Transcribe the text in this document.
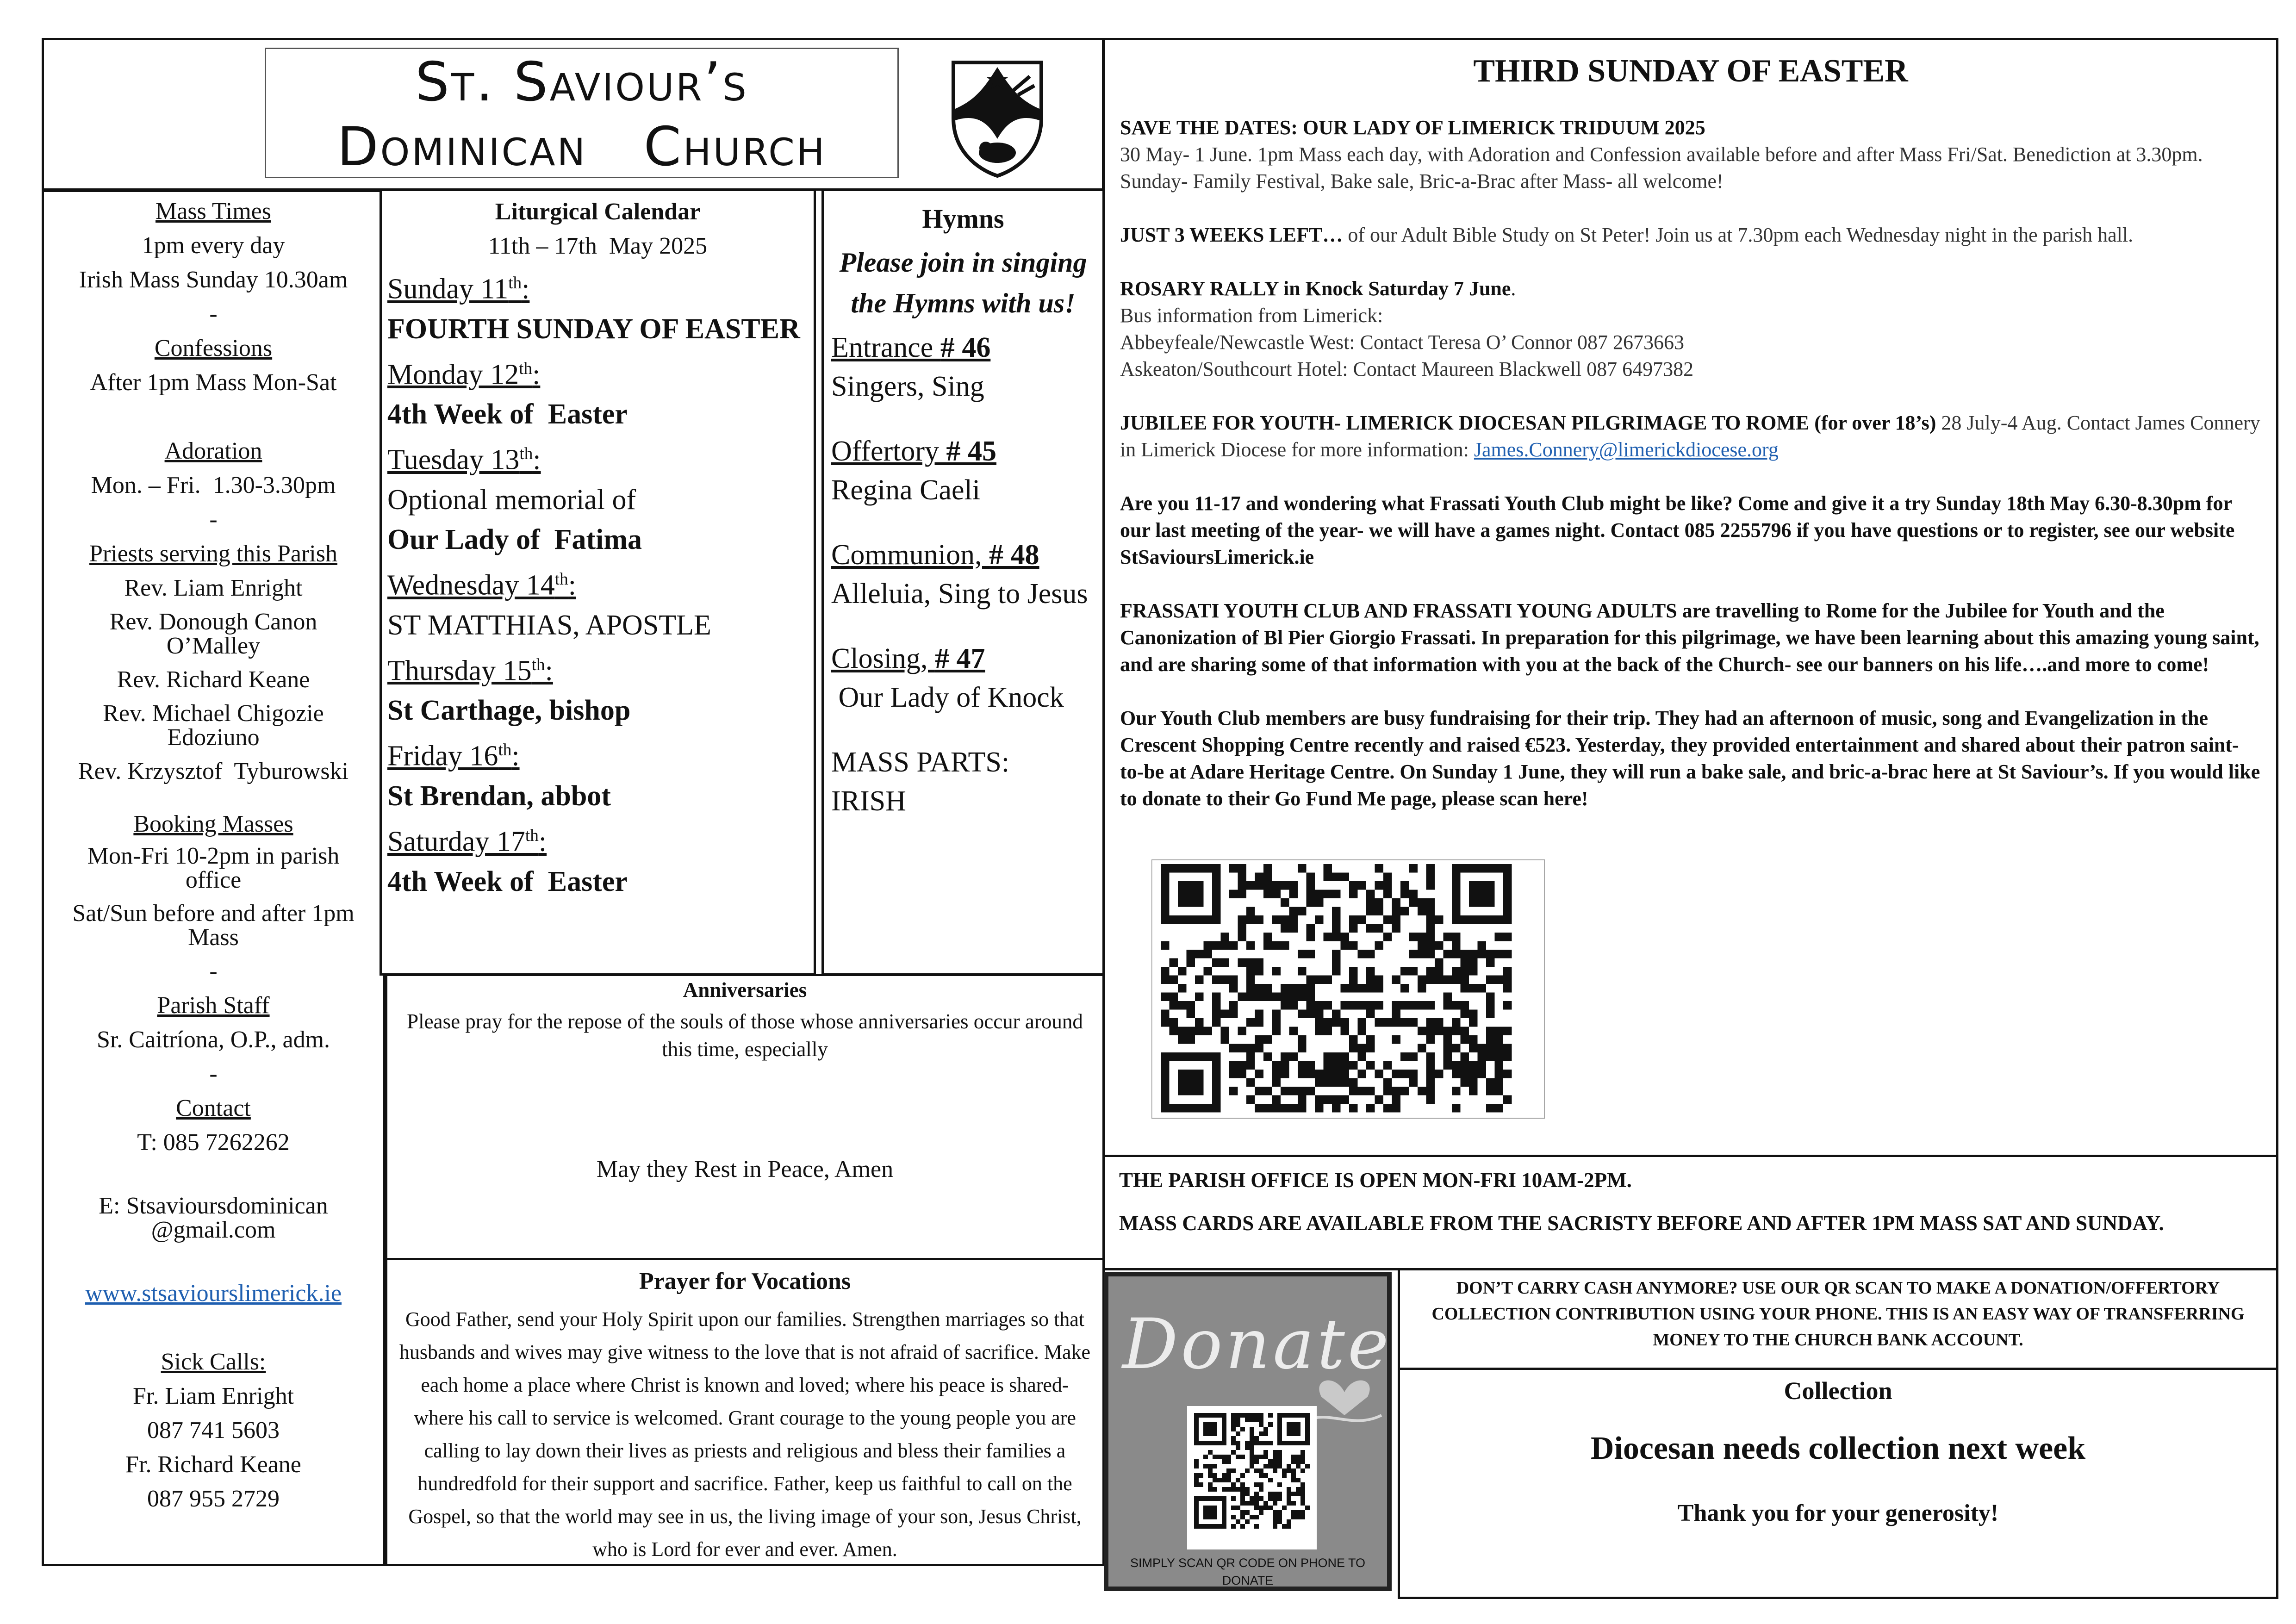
St. Saviour’s
Dominican   Church
Mass Times
1pm every day
Irish Mass Sunday 10.30am
-
Confessions
After 1pm Mass Mon-Sat
Adoration
Mon. – Fri.  1.30-3.30pm
-
Priests serving this Parish
Rev. Liam Enright
Rev. Donough Canon
O’Malley
Rev. Richard Keane
Rev. Michael Chigozie
Edoziuno
Rev. Krzysztof  Tyburowski
Booking Masses
Mon-Fri 10-2pm in parish
office
Sat/Sun before and after 1pm
Mass
-
Parish Staff
Sr. Caitríona, O.P., adm.
-
Contact
T: 085 7262262
E: Stsavioursdominican
@gmail.com
www.stsaviourslimerick.ie
Sick Calls:
Fr. Liam Enright
087 741 5603
Fr. Richard Keane
087 955 2729
Liturgical Calendar
11th – 17th  May 2025
Sunday 11th:
FOURTH SUNDAY OF EASTER
Monday 12th:
4th Week of  Easter
Tuesday 13th:
Optional memorial of Our Lady of  Fatima
Wednesday 14th:
ST MATTHIAS, APOSTLE
Thursday 15th:
St Carthage, bishop
Friday 16th:
St Brendan, abbot
Saturday 17th:
4th Week of  Easter
Hymns
Please join in singing the Hymns with us!
Entrance # 46
Singers, Sing
Offertory # 45
Regina Caeli
Communion, # 48
Alleluia, Sing to Jesus
Closing, # 47
Our Lady of Knock
MASS PARTS:
IRISH
Anniversaries
Please pray for the repose of the souls of those whose anniversaries occur around this time, especially
May they Rest in Peace, Amen
Prayer for Vocations
Good Father, send your Holy Spirit upon our families. Strengthen marriages so that husbands and wives may give witness to the love that is not afraid of sacrifice. Make each home a place where Christ is known and loved; where his peace is shared- where his call to service is welcomed. Grant courage to the young people you are calling to lay down their lives as priests and religious and bless their families a hundredfold for their support and sacrifice. Father, keep us faithful to call on the Gospel, so that the world may see in us, the living image of your son, Jesus Christ, who is Lord for ever and ever. Amen.
THIRD SUNDAY OF EASTER

SAVE THE DATES: OUR LADY OF LIMERICK TRIDUUM 2025
30 May- 1 June. 1pm Mass each day, with Adoration and Confession available before and after Mass Fri/Sat. Benediction at 3.30pm. Sunday- Family Festival, Bake sale, Bric-a-Brac after Mass- all welcome!

JUST 3 WEEKS LEFT… of our Adult Bible Study on St Peter! Join us at 7.30pm each Wednesday night in the parish hall.

ROSARY RALLY in Knock Saturday 7 June.
Bus information from Limerick:
Abbeyfeale/Newcastle West: Contact Teresa O’ Connor 087 2673663
Askeaton/Southcourt Hotel: Contact Maureen Blackwell 087 6497382

JUBILEE FOR YOUTH- LIMERICK DIOCESAN PILGRIMAGE TO ROME (for over 18’s) 28 July-4 Aug. Contact James Connery in Limerick Diocese for more information: James.Connery@limerickdiocese.org

Are you 11-17 and wondering what Frassati Youth Club might be like? Come and give it a try Sunday 18th May 6.30-8.30pm for our last meeting of the year- we will have a games night. Contact 085 2255796 if you have questions or to register, see our website StSavioursLimerick.ie

FRASSATI YOUTH CLUB AND FRASSATI YOUNG ADULTS are travelling to Rome for the Jubilee for Youth and the Canonization of Bl Pier Giorgio Frassati. In preparation for this pilgrimage, we have been learning about this amazing young saint, and are sharing some of that information with you at the back of the Church- see our banners on his life….and more to come!

Our Youth Club members are busy fundraising for their trip. They had an afternoon of music, song and Evangelization in the Crescent Shopping Centre recently and raised €523. Yesterday, they provided entertainment and shared about their patron saint-to-be at Adare Heritage Centre. On Sunday 1 June, they will run a bake sale, and bric-a-brac here at St Saviour’s. If you would like to donate to their Go Fund Me page, please scan here!

THE PARISH OFFICE IS OPEN MON-FRI 10AM-2PM.
MASS CARDS ARE AVAILABLE FROM THE SACRISTY BEFORE AND AFTER 1PM MASS SAT AND SUNDAY.
Donate
SIMPLY SCAN QR CODE ON PHONE TO DONATE
DON’T CARRY CASH ANYMORE? USE OUR QR SCAN TO MAKE A DONATION/OFFERTORY COLLECTION CONTRIBUTION USING YOUR PHONE. THIS IS AN EASY WAY OF TRANSFERRING MONEY TO THE CHURCH BANK ACCOUNT.
Collection
Diocesan needs collection next week
Thank you for your generosity!
